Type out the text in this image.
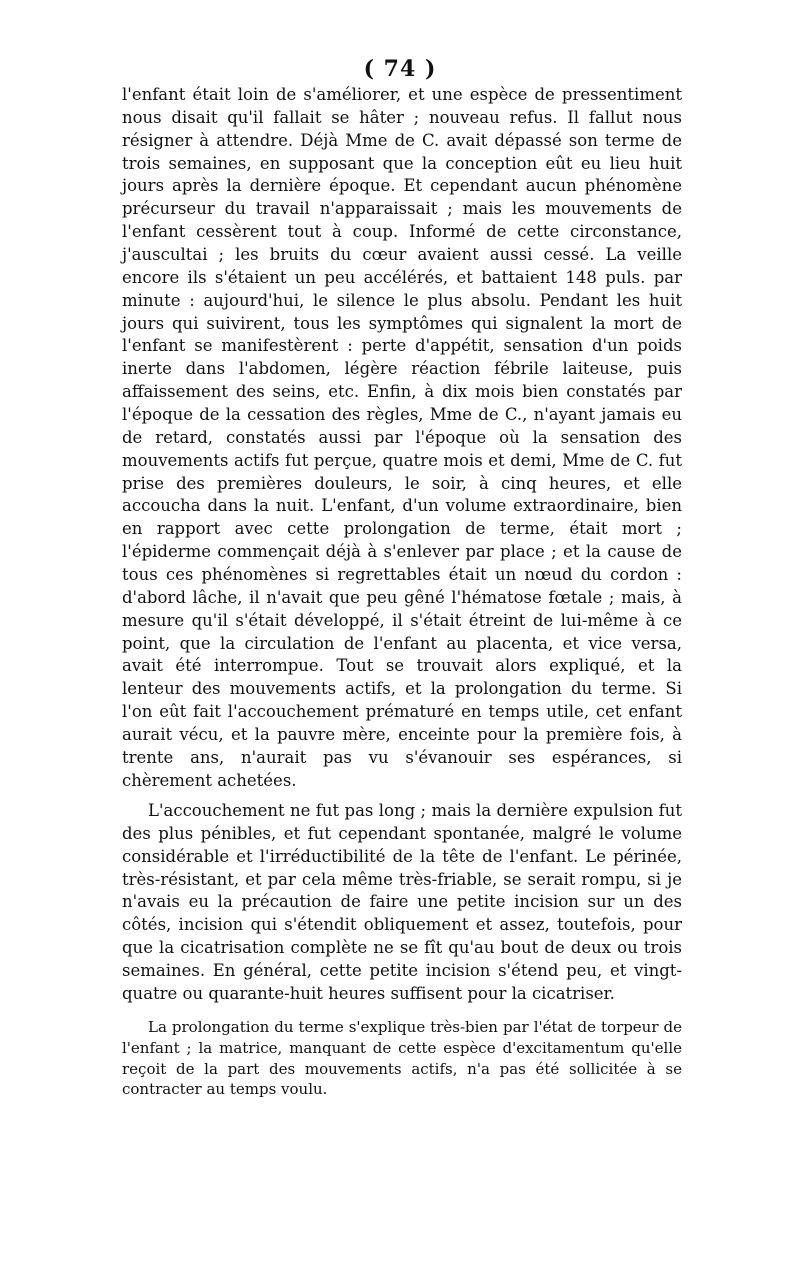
( 74 )

l'enfant était loin de s'améliorer, et une espèce de pressentiment nous disait qu'il fallait se hâter ; nouveau refus. Il fallut nous résigner à attendre. Déjà Mme de C. avait dépassé son terme de trois semaines, en supposant que la conception eût eu lieu huit jours après la dernière époque. Et cependant aucun phénomène précurseur du travail n'apparaissait ; mais les mouvements de l'enfant cessèrent tout à coup. Informé de cette circonstance, j'auscultai ; les bruits du cœur avaient aussi cessé. La veille encore ils s'étaient un peu accélérés, et battaient 148 puls. par minute : aujourd'hui, le silence le plus absolu. Pendant les huit jours qui suivirent, tous les symptômes qui signalent la mort de l'enfant se manifestèrent : perte d'appétit, sensation d'un poids inerte dans l'abdomen, légère réaction fébrile laiteuse, puis affaissement des seins, etc. Enfin, à dix mois bien constatés par l'époque de la cessation des règles, Mme de C., n'ayant jamais eu de retard, constatés aussi par l'époque où la sensation des mouvements actifs fut perçue, quatre mois et demi, Mme de C. fut prise des premières douleurs, le soir, à cinq heures, et elle accoucha dans la nuit. L'enfant, d'un volume extraordinaire, bien en rapport avec cette prolongation de terme, était mort ; l'épiderme commençait déjà à s'enlever par place ; et la cause de tous ces phénomènes si regrettables était un nœud du cordon : d'abord lâche, il n'avait que peu gêné l'hématose fœtale ; mais, à mesure qu'il s'était développé, il s'était étreint de lui-même à ce point, que la circulation de l'enfant au placenta, et vice versa, avait été interrompue. Tout se trouvait alors expliqué, et la lenteur des mouvements actifs, et la prolongation du terme. Si l'on eût fait l'accouchement prématuré en temps utile, cet enfant aurait vécu, et la pauvre mère, enceinte pour la première fois, à trente ans, n'aurait pas vu s'évanouir ses espérances, si chèrement achetées.

L'accouchement ne fut pas long ; mais la dernière expulsion fut des plus pénibles, et fut cependant spontanée, malgré le volume considérable et l'irréductibilité de la tête de l'enfant. Le périnée, très-résistant, et par cela même très-friable, se serait rompu, si je n'avais eu la précaution de faire une petite incision sur un des côtés, incision qui s'étendit obliquement et assez, toutefois, pour que la cicatrisation complète ne se fît qu'au bout de deux ou trois semaines. En général, cette petite incision s'étend peu, et vingt-quatre ou quarante-huit heures suffisent pour la cicatriser.

La prolongation du terme s'explique très-bien par l'état de torpeur de l'enfant ; la matrice, manquant de cette espèce d'excitamentum qu'elle reçoit de la part des mouvements actifs, n'a pas été sollicitée à se contracter au temps voulu.
